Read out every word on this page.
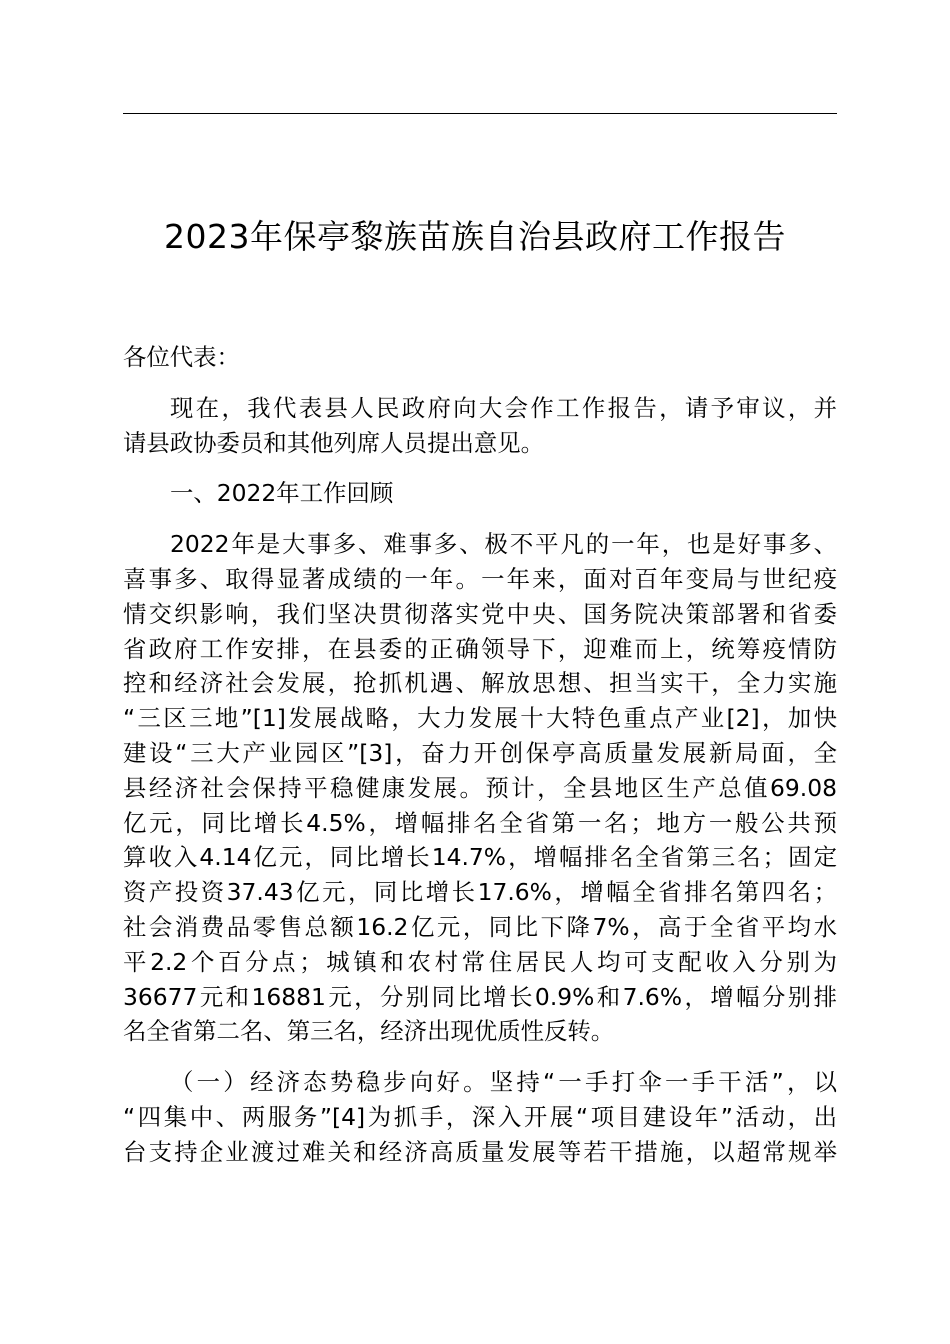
2023年保亭黎族苗族自治县政府工作报告

各位代表：

现在，我代表县人民政府向大会作工作报告，请予审议，并
请县政协委员和其他列席人员提出意见。

一、2022年工作回顾

2022年是大事多、难事多、极不平凡的一年，也是好事多、
喜事多、取得显著成绩的一年。一年来，面对百年变局与世纪疫
情交织影响，我们坚决贯彻落实党中央、国务院决策部署和省委
省政府工作安排，在县委的正确领导下，迎难而上，统筹疫情防
控和经济社会发展，抢抓机遇、解放思想、担当实干，全力实施
“三区三地”[1]发展战略，大力发展十大特色重点产业[2]，加快
建设“三大产业园区”[3]，奋力开创保亭高质量发展新局面，全
县经济社会保持平稳健康发展。预计，全县地区生产总值69.08
亿元，同比增长4.5%，增幅排名全省第一名；地方一般公共预
算收入4.14亿元，同比增长14.7%，增幅排名全省第三名；固定
资产投资37.43亿元，同比增长17.6%，增幅全省排名第四名；
社会消费品零售总额16.2亿元，同比下降7%，高于全省平均水
平2.2个百分点；城镇和农村常住居民人均可支配收入分别为
36677元和16881元，分别同比增长0.9%和7.6%，增幅分别排
名全省第二名、第三名，经济出现优质性反转。

（一）经济态势稳步向好。坚持“一手打伞一手干活”，以
“四集中、两服务”[4]为抓手，深入开展“项目建设年”活动，出
台支持企业渡过难关和经济高质量发展等若干措施，以超常规举
